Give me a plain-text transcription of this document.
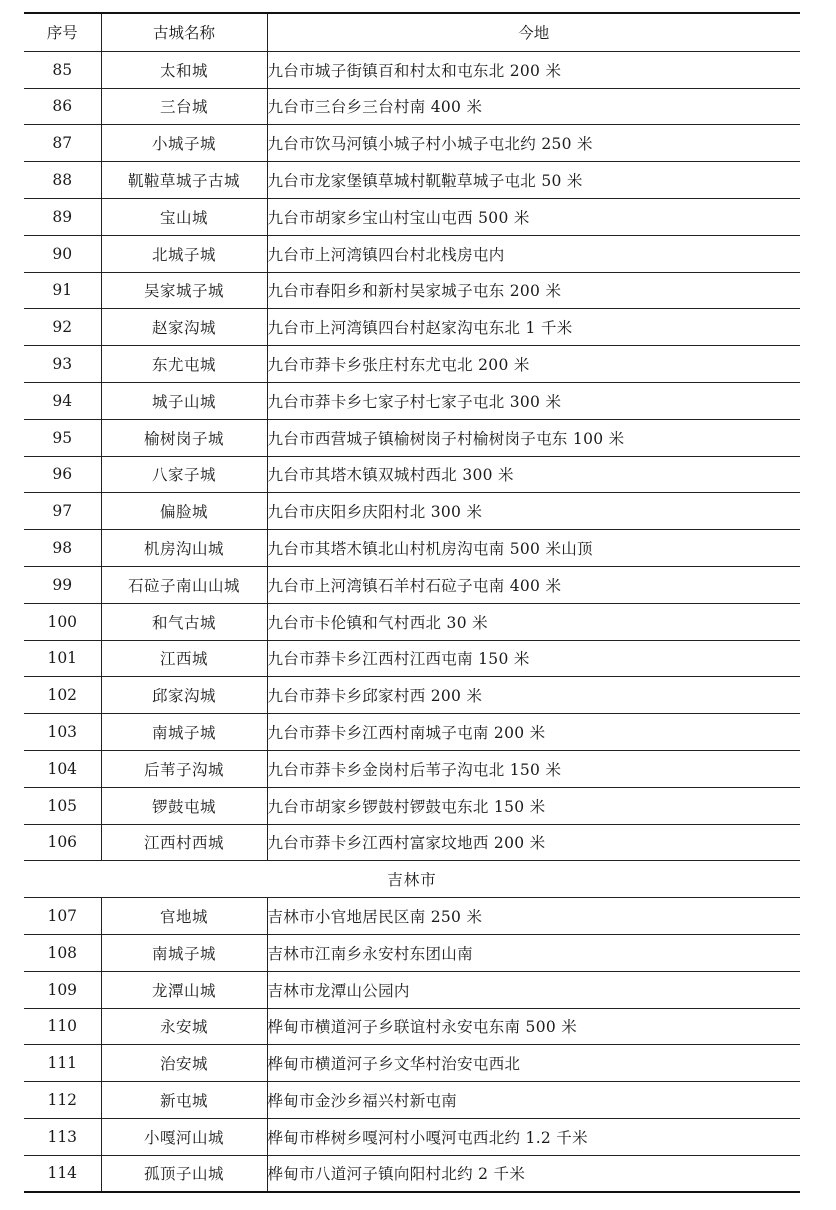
序号	古城名称	今地
85	太和城	九台市城子街镇百和村太和屯东北 200 米
86	三台城	九台市三台乡三台村南 400 米
87	小城子城	九台市饮马河镇小城子村小城子屯北约 250 米
88	靰鞡草城子古城	九台市龙家堡镇草城村靰鞡草城子屯北 50 米
89	宝山城	九台市胡家乡宝山村宝山屯西 500 米
90	北城子城	九台市上河湾镇四台村北栈房屯内
91	吴家城子城	九台市春阳乡和新村吴家城子屯东 200 米
92	赵家沟城	九台市上河湾镇四台村赵家沟屯东北 1 千米
93	东尤屯城	九台市莽卡乡张庄村东尤屯北 200 米
94	城子山城	九台市莽卡乡七家子村七家子屯北 300 米
95	榆树岗子城	九台市西营城子镇榆树岗子村榆树岗子屯东 100 米
96	八家子城	九台市其塔木镇双城村西北 300 米
97	偏脸城	九台市庆阳乡庆阳村北 300 米
98	机房沟山城	九台市其塔木镇北山村机房沟屯南 500 米山顶
99	石砬子南山山城	九台市上河湾镇石羊村石砬子屯南 400 米
100	和气古城	九台市卡伦镇和气村西北 30 米
101	江西城	九台市莽卡乡江西村江西屯南 150 米
102	邱家沟城	九台市莽卡乡邱家村西 200 米
103	南城子城	九台市莽卡乡江西村南城子屯南 200 米
104	后苇子沟城	九台市莽卡乡金岗村后苇子沟屯北 150 米
105	锣鼓屯城	九台市胡家乡锣鼓村锣鼓屯东北 150 米
106	江西村西城	九台市莽卡乡江西村富家坟地西 200 米
吉林市		
107	官地城	吉林市小官地居民区南 250 米
108	南城子城	吉林市江南乡永安村东团山南
109	龙潭山城	吉林市龙潭山公园内
110	永安城	桦甸市横道河子乡联谊村永安屯东南 500 米
111	治安城	桦甸市横道河子乡文华村治安屯西北
112	新屯城	桦甸市金沙乡福兴村新屯南
113	小嘎河山城	桦甸市桦树乡嘎河村小嘎河屯西北约 1.2 千米
114	孤顶子山城	桦甸市八道河子镇向阳村北约 2 千米
